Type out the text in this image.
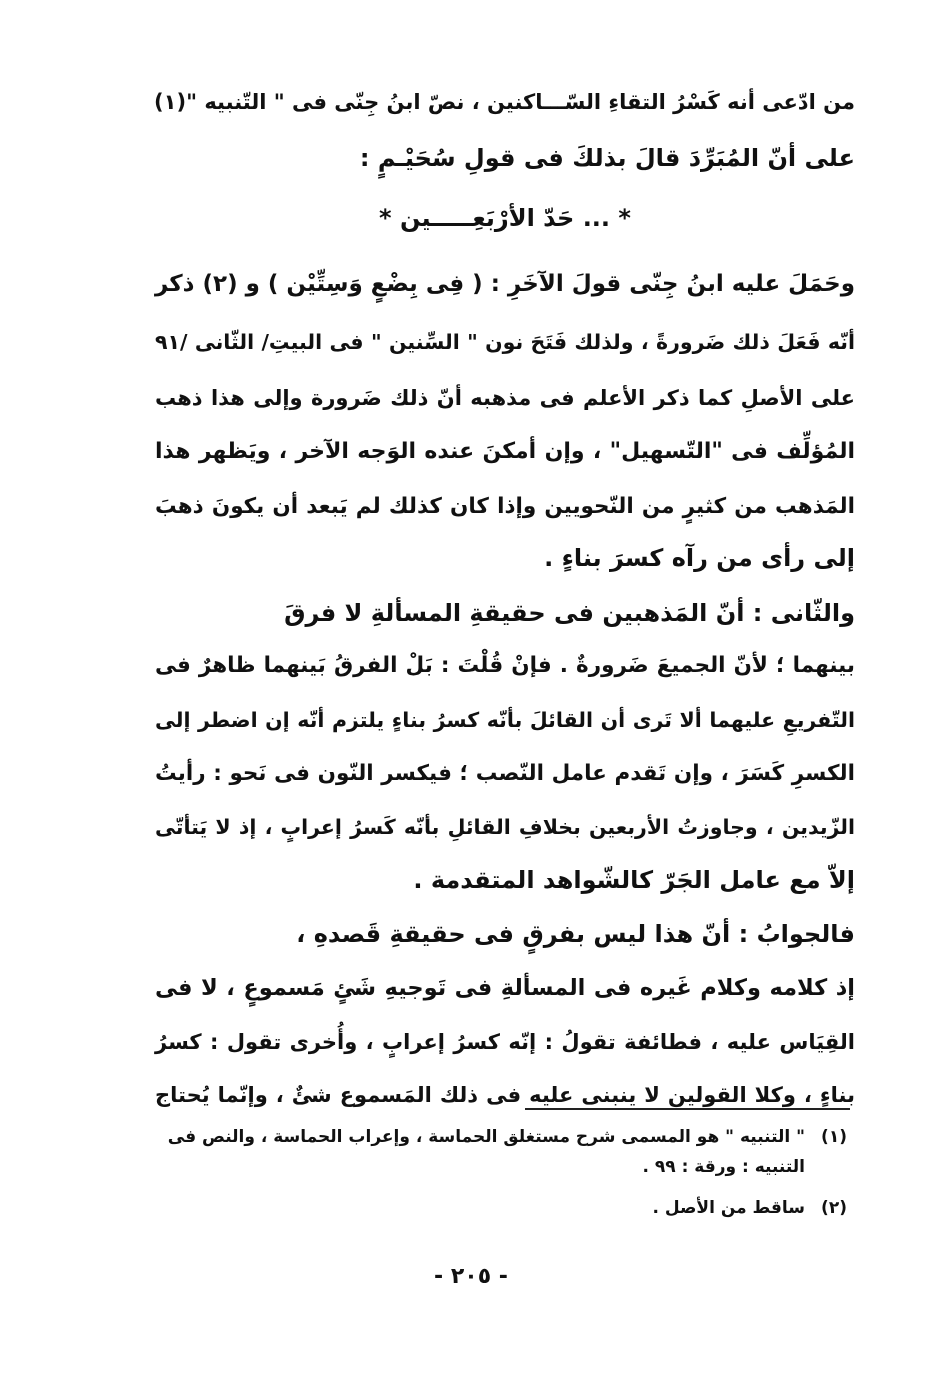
من ادّعى أنه كَسْرُ التقاءِ السّـــاكنين ، نصّ ابنُ جِنّى فى " التّنبيه "(١)
على أنّ المُبَرِّدَ قالَ بذلكَ فى قولِ سُحَيْـمٍ :
* ... حَدّ الأرْبَعِـــــين *
وحَمَلَ عليه ابنُ جِنّى قولَ الآخَرِ : ( فِى بِضْعٍ وَسِتِّيْن ) و (٢) ذكر
أنّه فَعَلَ ذلك ضَرورةً ، ولذلك فَتَحَ نون " السِّنين " فى البيتِ/ الثّانى /٩١
على الأصلِ كما ذكر الأعلم فى مذهبه أنّ ذلك ضَرورة وإلى هذا ذهب
المُؤلِّف فى "التّسهيل" ، وإن أمكنَ عنده الوَجه الآخر ، ويَظهر هذا
المَذهب من كثيرٍ من النّحويين وإذا كان كذلك لم يَبعد أن يكونَ ذهبَ
إلى رأى من رآه كسرَ بناءٍ .
والثّانى : أنّ المَذهبين فى حقيقةِ المسألةِ لا فرقَ
بينهما ؛ لأنّ الجميعَ ضَرورةٌ . فإنْ قُلْتَ : بَلْ الفرقُ بَينهما ظاهرٌ فى
التّفريعِ عليهما ألا تَرى أن القائلَ بأنّه كسرُ بناءٍ يلتزم أنّه إن اضطر إلى
الكسرِ كَسَرَ ، وإن تَقدم عامل النّصب ؛ فيكسر النّون فى نَحو : رأيتُ
الزّيدين ، وجاوزتُ الأربعين بخلافِ القائلِ بأنّه كَسرُ إعرابٍ ، إذ لا يَتأتّى
إلاّ مع عامل الجَرّ كالشّواهد المتقدمة .
فالجوابُ : أنّ هذا ليس بفرقٍ فى حقيقةِ قَصدهِ ،
إذ كلامه وكلام غَيره فى المسألةِ فى تَوجيهِ شَئٍ مَسموعٍ ، لا فى
القِيَاس عليه ، فطائفة تقولُ : إنّه كسرُ إعرابٍ ، وأُخرى تقول : كسرُ
بناءٍ ، وكلا القولين لا ينبنى عليه فى ذلك المَسموع شئٌ ، وإنّما يُحتاج
(١)" التنبيه " هو المسمى شرح مستغلق الحماسة ، وإعراب الحماسة ، والنص فى
التنبيه : ورقة : ٩٩ .
(٢)ساقط من الأصل .
- ٢٠٥ -
